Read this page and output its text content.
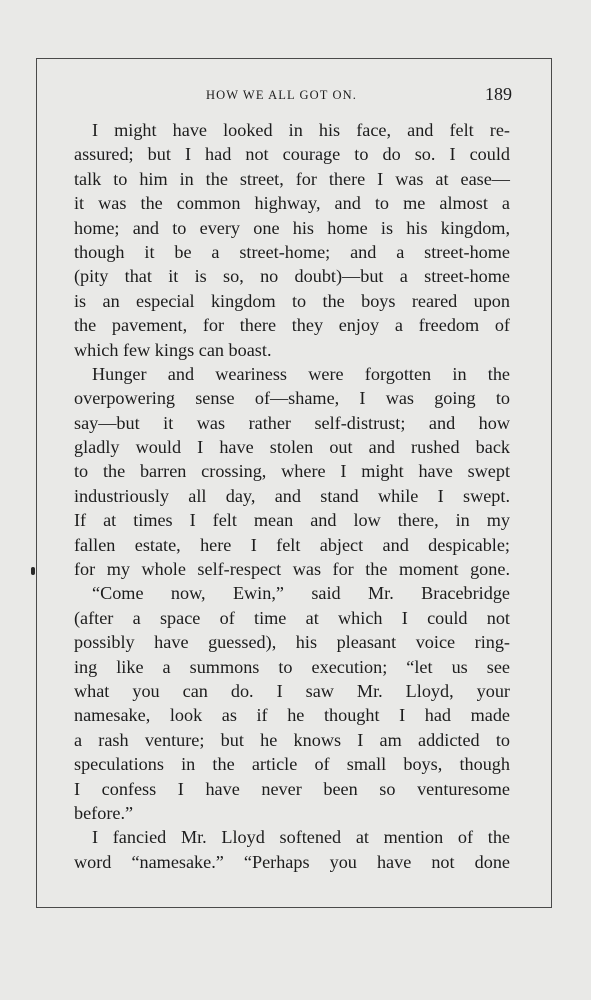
HOW WE ALL GOT ON.	189
I might have looked in his face, and felt re-
assured; but I had not courage to do so. I could
talk to him in the street, for there I was at ease—
it was the common highway, and to me almost a
home; and to every one his home is his kingdom,
though it be a street-home; and a street-home
(pity that it is so, no doubt)—but a street-home
is an especial kingdom to the boys reared upon
the pavement, for there they enjoy a freedom of
which few kings can boast.
Hunger and weariness were forgotten in the
overpowering sense of—shame, I was going to
say—but it was rather self-distrust; and how
gladly would I have stolen out and rushed back
to the barren crossing, where I might have swept
industriously all day, and stand while I swept.
If at times I felt mean and low there, in my
fallen estate, here I felt abject and despicable;
for my whole self-respect was for the moment gone.
“Come now, Ewin,” said Mr. Bracebridge
(after a space of time at which I could not
possibly have guessed), his pleasant voice ring-
ing like a summons to execution; “let us see
what you can do. I saw Mr. Lloyd, your
namesake, look as if he thought I had made
a rash venture; but he knows I am addicted to
speculations in the article of small boys, though
I confess I have never been so venturesome
before.”
I fancied Mr. Lloyd softened at mention of the
word “namesake.” “Perhaps you have not done
